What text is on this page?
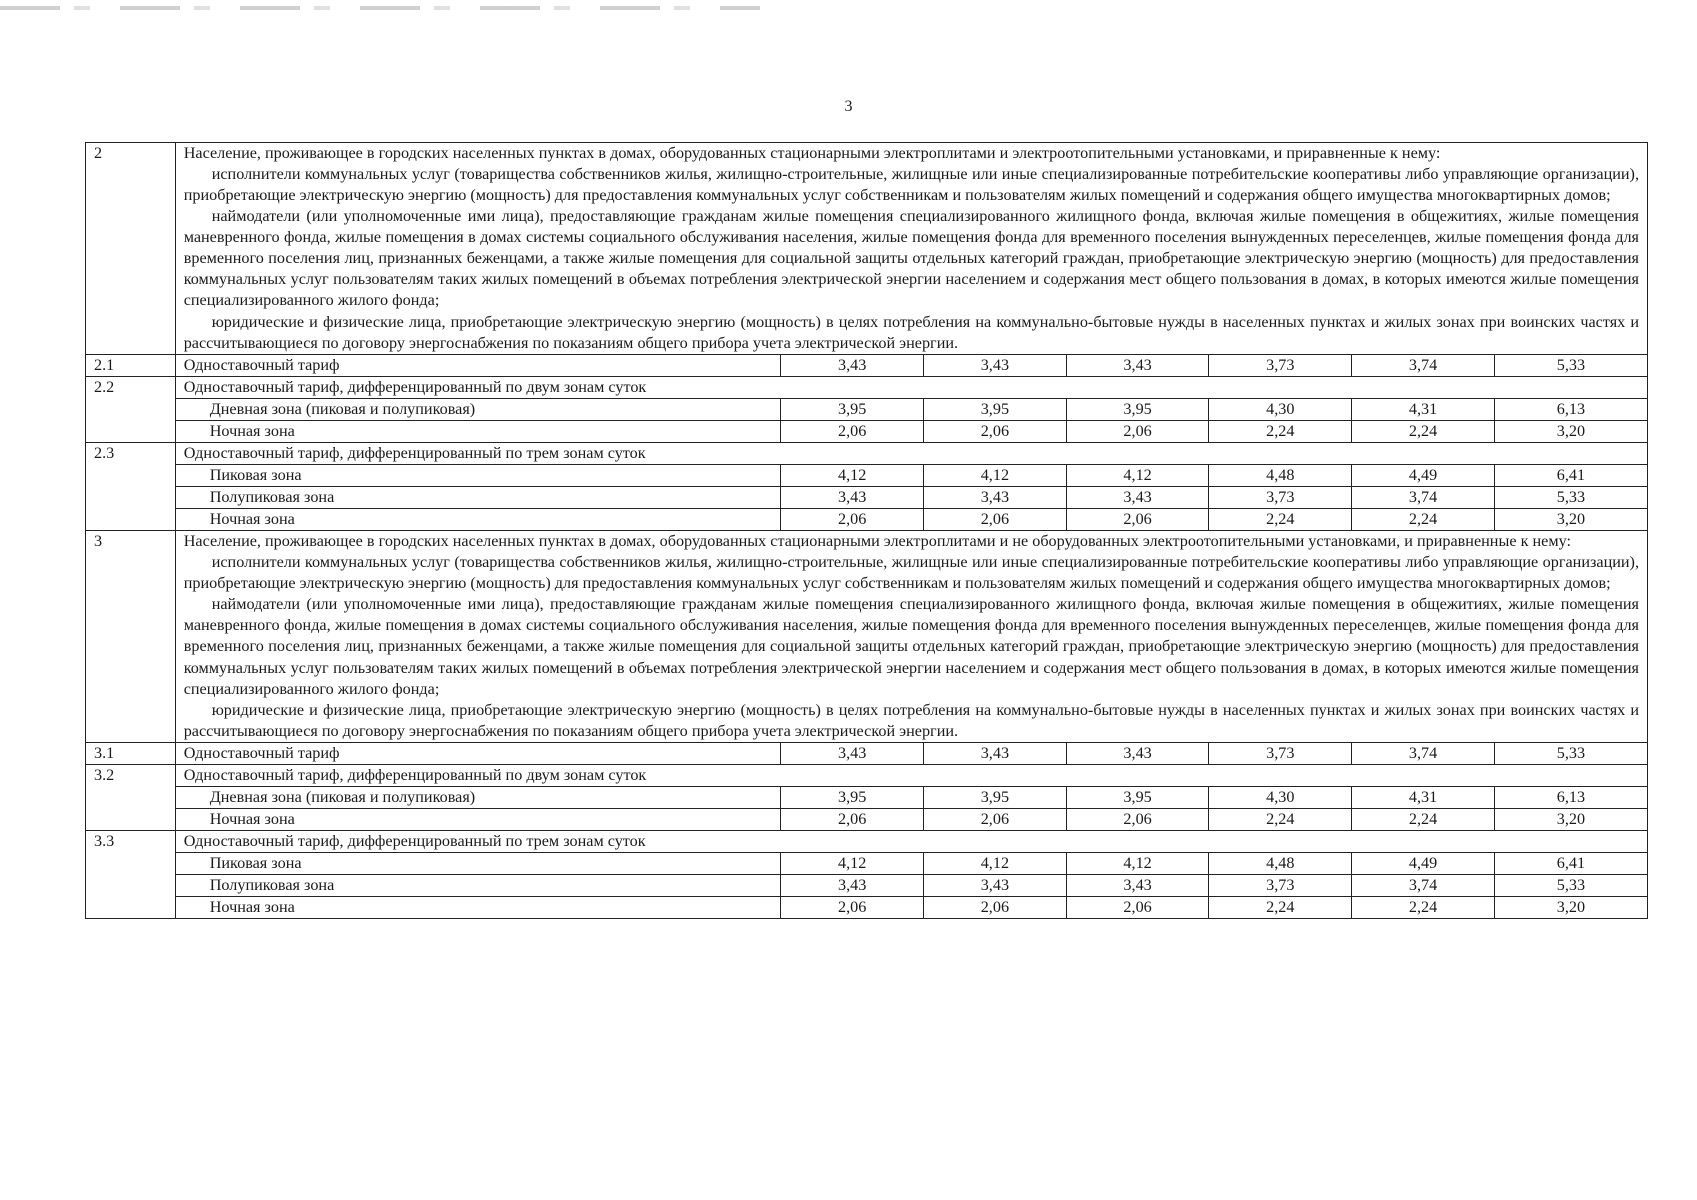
3
2	Население, проживающее в городских населенных пунктах в домах, оборудованных стационарными электроплитами и электроотопительными установками, и приравненные к нему:

исполнители коммунальных услуг (товарищества собственников жилья, жилищно-строительные, жилищные или иные специализированные потребительские кооперативы либо управляющие организации), приобретающие электрическую энергию (мощность) для предоставления коммунальных услуг собственникам и пользователям жилых помещений и содержания общего имущества многоквартирных домов;

наймодатели (или уполномоченные ими лица), предоставляющие гражданам жилые помещения специализированного жилищного фонда, включая жилые помещения в общежитиях, жилые помещения маневренного фонда, жилые помещения в домах системы социального обслуживания населения, жилые помещения фонда для временного поселения вынужденных переселенцев, жилые помещения фонда для временного поселения лиц, признанных беженцами, а также жилые помещения для социальной защиты отдельных категорий граждан, приобретающие электрическую энергию (мощность) для предоставления коммунальных услуг пользователям таких жилых помещений в объемах потребления электрической энергии населением и содержания мест общего пользования в домах, в которых имеются жилые помещения специализированного жилого фонда;

юридические и физические лица, приобретающие электрическую энергию (мощность) в целях потребления на коммунально-бытовые нужды в населенных пунктах и жилых зонах при воинских частях и рассчитывающиеся по договору энергоснабжения по показаниям общего прибора учета электрической энергии.						

2.1	Одноставочный тариф	3,43	3,43	3,43	3,73	3,74	5,33
2.2	Одноставочный тариф, дифференцированный по двум зонам суток						
	Дневная зона (пиковая и полупиковая)	3,95	3,95	3,95	4,30	4,31	6,13
	Ночная зона	2,06	2,06	2,06	2,24	2,24	3,20
2.3	Одноставочный тариф, дифференцированный по трем зонам суток						
	Пиковая зона	4,12	4,12	4,12	4,48	4,49	6,41
	Полупиковая зона	3,43	3,43	3,43	3,73	3,74	5,33
	Ночная зона	2,06	2,06	2,06	2,24	2,24	3,20
3	Население, проживающее в городских населенных пунктах в домах, оборудованных стационарными электроплитами и не оборудованных электроотопительными установками, и приравненные к нему:

исполнители коммунальных услуг (товарищества собственников жилья, жилищно-строительные, жилищные или иные специализированные потребительские кооперативы либо управляющие организации), приобретающие электрическую энергию (мощность) для предоставления коммунальных услуг собственникам и пользователям жилых помещений и содержания общего имущества многоквартирных домов;

наймодатели (или уполномоченные ими лица), предоставляющие гражданам жилые помещения специализированного жилищного фонда, включая жилые помещения в общежитиях, жилые помещения маневренного фонда, жилые помещения в домах системы социального обслуживания населения, жилые помещения фонда для временного поселения вынужденных переселенцев, жилые помещения фонда для временного поселения лиц, признанных беженцами, а также жилые помещения для социальной защиты отдельных категорий граждан, приобретающие электрическую энергию (мощность) для предоставления коммунальных услуг пользователям таких жилых помещений в объемах потребления электрической энергии населением и содержания мест общего пользования в домах, в которых имеются жилые помещения специализированного жилого фонда;

юридические и физические лица, приобретающие электрическую энергию (мощность) в целях потребления на коммунально-бытовые нужды в населенных пунктах и жилых зонах при воинских частях и рассчитывающиеся по договору энергоснабжения по показаниям общего прибора учета электрической энергии.						

3.1	Одноставочный тариф	3,43	3,43	3,43	3,73	3,74	5,33
3.2	Одноставочный тариф, дифференцированный по двум зонам суток						
	Дневная зона (пиковая и полупиковая)	3,95	3,95	3,95	4,30	4,31	6,13
	Ночная зона	2,06	2,06	2,06	2,24	2,24	3,20
3.3	Одноставочный тариф, дифференцированный по трем зонам суток						
	Пиковая зона	4,12	4,12	4,12	4,48	4,49	6,41
	Полупиковая зона	3,43	3,43	3,43	3,73	3,74	5,33
	Ночная зона	2,06	2,06	2,06	2,24	2,24	3,20
